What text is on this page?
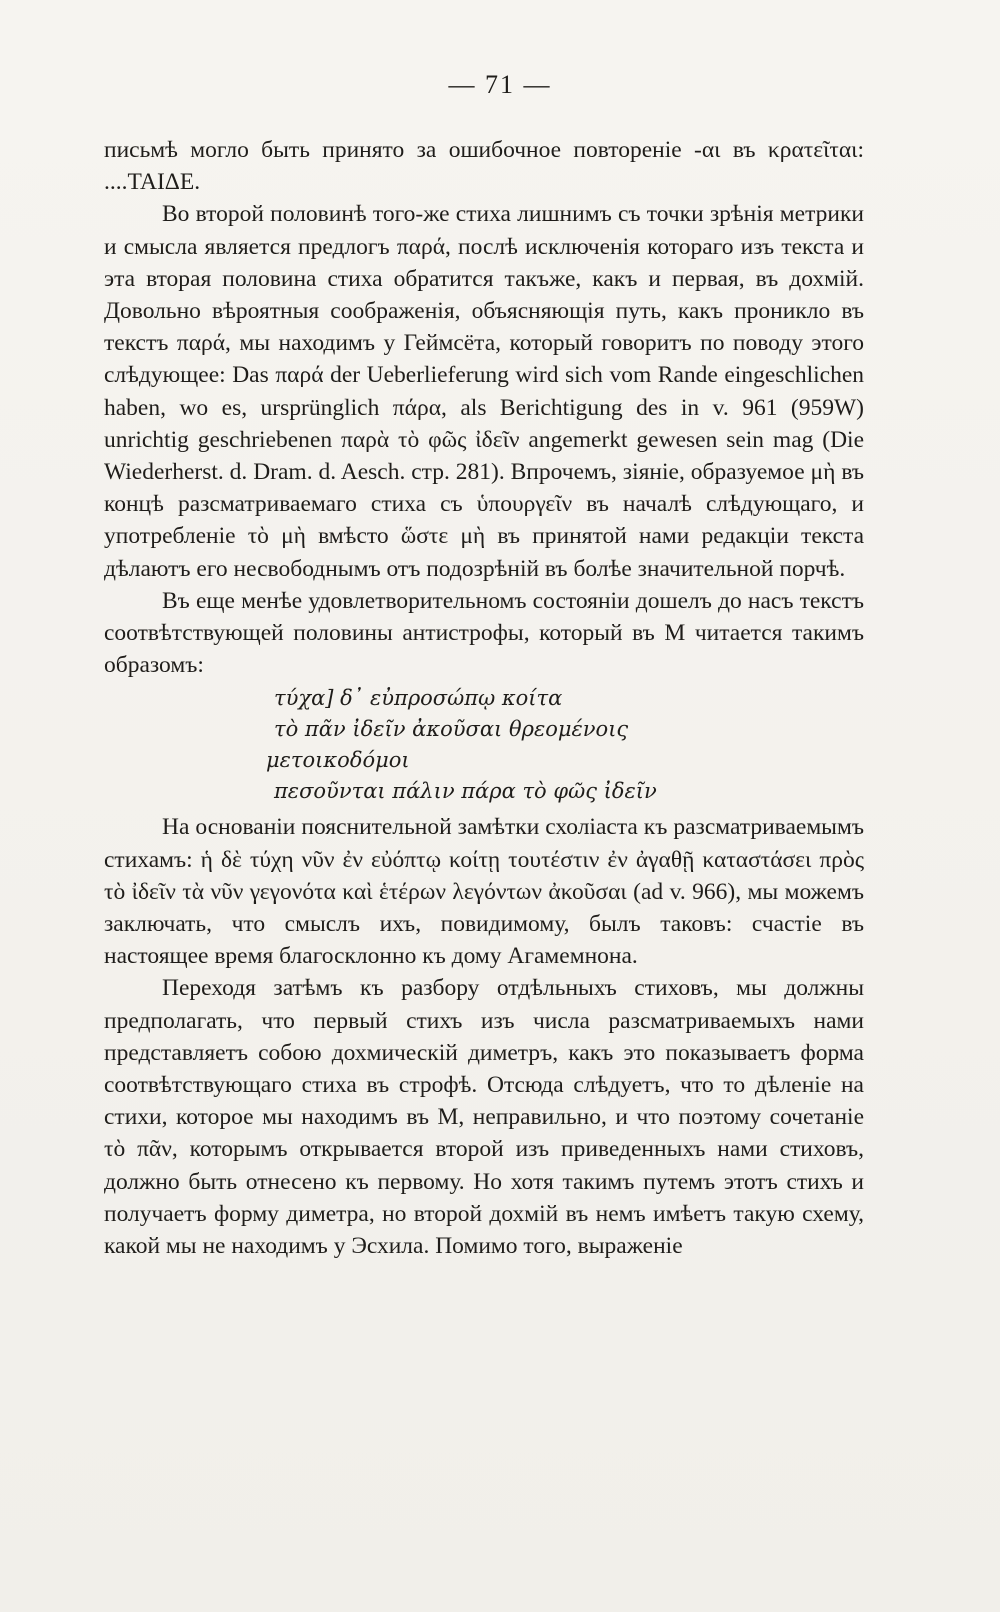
— 71 —

письмѣ могло быть принято за ошибочное повтореніе -αι въ κρατεῖται: ....ΤΑΙΔΕ.

Во второй половинѣ того-же стиха лишнимъ съ точки зрѣнія метрики и смысла является предлогъ παρά, послѣ исключенія котораго изъ текста и эта вторая половина стиха обратится такъже, какъ и первая, въ дохмій. Довольно вѣроятныя соображенія, объясняющія путь, какъ проникло въ текстъ παρά, мы находимъ у Геймсёта, который говоритъ по поводу этого слѣдующее: Das παρά der Ueberlieferung wird sich vom Rande eingeschlichen haben, wo es, ursprünglich πάρα, als Berichtigung des in v. 961 (959W) unrichtig geschriebenen παρὰ τὸ φῶς ἰδεῖν angemerkt gewesen sein mag (Die Wiederherst. d. Dram. d. Aesch. стр. 281). Впрочемъ, зіяніе, образуемое μὴ въ концѣ разсматриваемаго стиха съ ὑπουργεῖν въ началѣ слѣдующаго, и употребленіе τὸ μὴ вмѣсто ὥστε μὴ въ принятой нами редакціи текста дѣлаютъ его несвободнымъ отъ подозрѣній въ болѣе значительной порчѣ.

Въ еще менѣе удовлетворительномъ состояніи дошелъ до насъ текстъ соотвѣтствующей половины антистрофы, который въ М читается такимъ образомъ:

τύχα] δ᾽ εὐπροσώπῳ κοίτα
τὸ πᾶν ἰδεῖν ἀκοῦσαι θρεομένοις
μετοικοδόμοι
πεσοῦνται πάλιν πάρα τὸ φῶς ἰδεῖν

На основаніи пояснительной замѣтки схоліаста къ разсматриваемымъ стихамъ: ἡ δὲ τύχη νῦν ἐν εὐόπτῳ κοίτῃ τουτέστιν ἐν ἀγαθῇ καταστάσει πρὸς τὸ ἰδεῖν τὰ νῦν γεγονότα καὶ ἑτέρων λεγόντων ἀκοῦσαι (ad v. 966), мы можемъ заключать, что смыслъ ихъ, повидимому, былъ таковъ: счастіе въ настоящее время благосклонно къ дому Агамемнона.

Переходя затѣмъ къ разбору отдѣльныхъ стиховъ, мы должны предполагать, что первый стихъ изъ числа разсматриваемыхъ нами представляетъ собою дохмическій диметръ, какъ это показываетъ форма соотвѣтствующаго стиха въ строфѣ. Отсюда слѣдуетъ, что то дѣленіе на стихи, которое мы находимъ въ М, неправильно, и что поэтому сочетаніе τὸ πᾶν, которымъ открывается второй изъ приведенныхъ нами стиховъ, должно быть отнесено къ первому. Но хотя такимъ путемъ этотъ стихъ и получаетъ форму диметра, но второй дохмій въ немъ имѣетъ такую схему, какой мы не находимъ у Эсхила. Помимо того, выраженіе
